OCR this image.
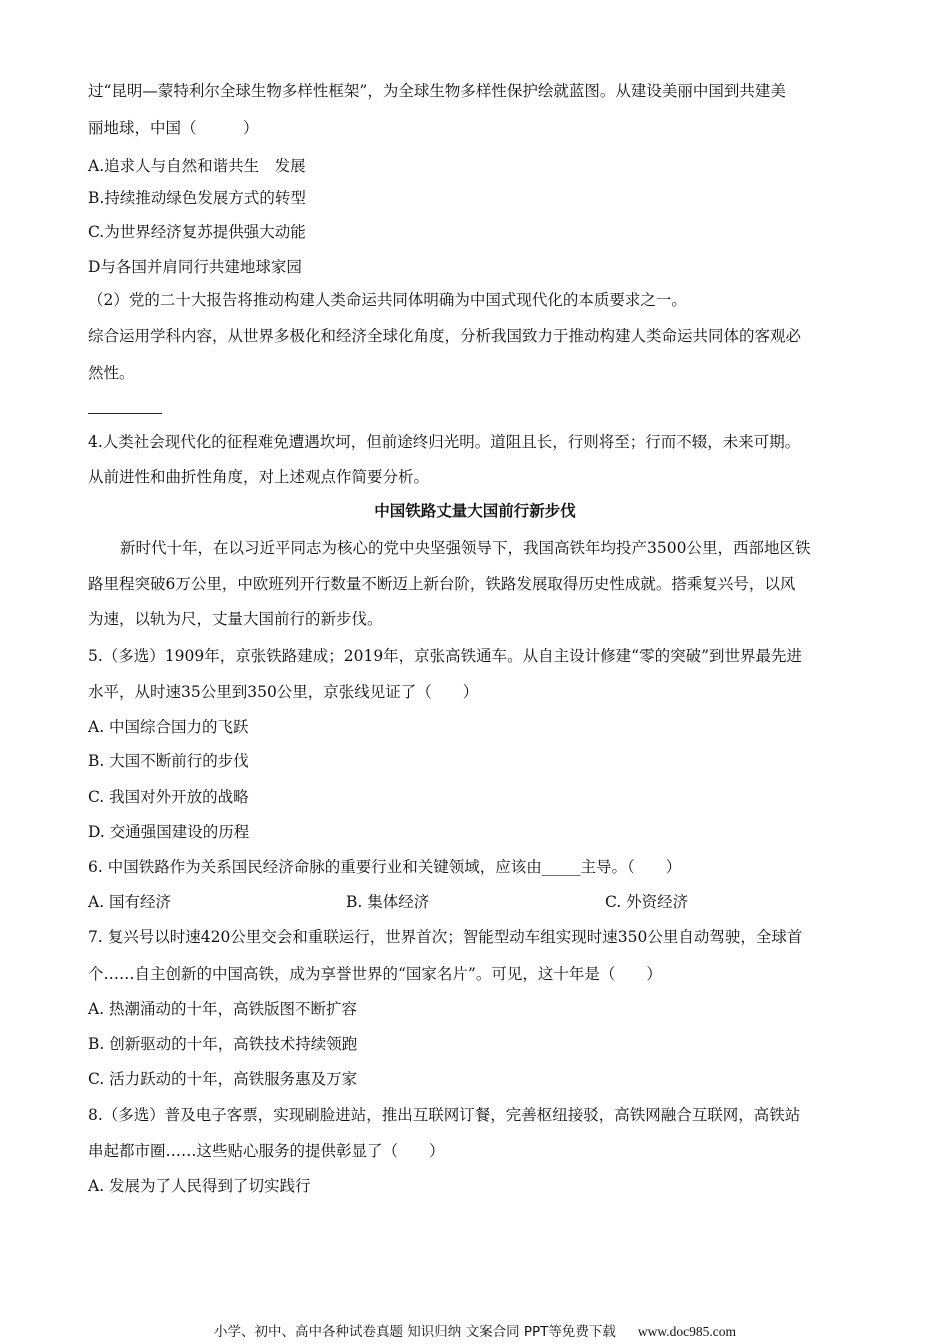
过“昆明—蒙特利尔全球生物多样性框架”，为全球生物多样性保护绘就蓝图。从建设美丽中国到共建美
丽地球，中国（　　　）
A.追求人与自然和谐共生　发展
B.持续推动绿色发展方式的转型
C.为世界经济复苏提供强大动能
D与各国并肩同行共建地球家园
（2）党的二十大报告将推动构建人类命运共同体明确为中国式现代化的本质要求之一。
综合运用学科内容，从世界多极化和经济全球化角度，分析我国致力于推动构建人类命运共同体的客观必
然性。
4.人类社会现代化的征程难免遭遇坎坷，但前途终归光明。道阻且长，行则将至；行而不辍，未来可期。
从前进性和曲折性角度，对上述观点作简要分析。
中国铁路丈量大国前行新步伐
新时代十年，在以习近平同志为核心的党中央坚强领导下，我国高铁年均投产3500公里，西部地区铁
路里程突破6万公里，中欧班列开行数量不断迈上新台阶，铁路发展取得历史性成就。搭乘复兴号，以风
为速，以轨为尺，丈量大国前行的新步伐。
5.（多选）1909年，京张铁路建成；2019年，京张高铁通车。从自主设计修建“零的突破”到世界最先进
水平，从时速35公里到350公里，京张线见证了（　　）
A. 中国综合国力的飞跃
B. 大国不断前行的步伐
C. 我国对外开放的战略
D. 交通强国建设的历程
6. 中国铁路作为关系国民经济命脉的重要行业和关键领域，应该由_____主导。（　　）
A. 国有经济	B. 集体经济	C. 外资经济
7. 复兴号以时速420公里交会和重联运行，世界首次；智能型动车组实现时速350公里自动驾驶，全球首
个……自主创新的中国高铁，成为享誉世界的“国家名片”。可见，这十年是（　　）
A. 热潮涌动的十年，高铁版图不断扩容
B. 创新驱动的十年，高铁技术持续领跑
C. 活力跃动的十年，高铁服务惠及万家
8.（多选）普及电子客票，实现刷脸进站，推出互联网订餐，完善枢纽接驳，高铁网融合互联网，高铁站
串起都市圈……这些贴心服务的提供彰显了（　　）
A. 发展为了人民得到了切实践行
小学、初中、高中各种试卷真题 知识归纳 文案合同 PPT等免费下载 www.doc985.com
